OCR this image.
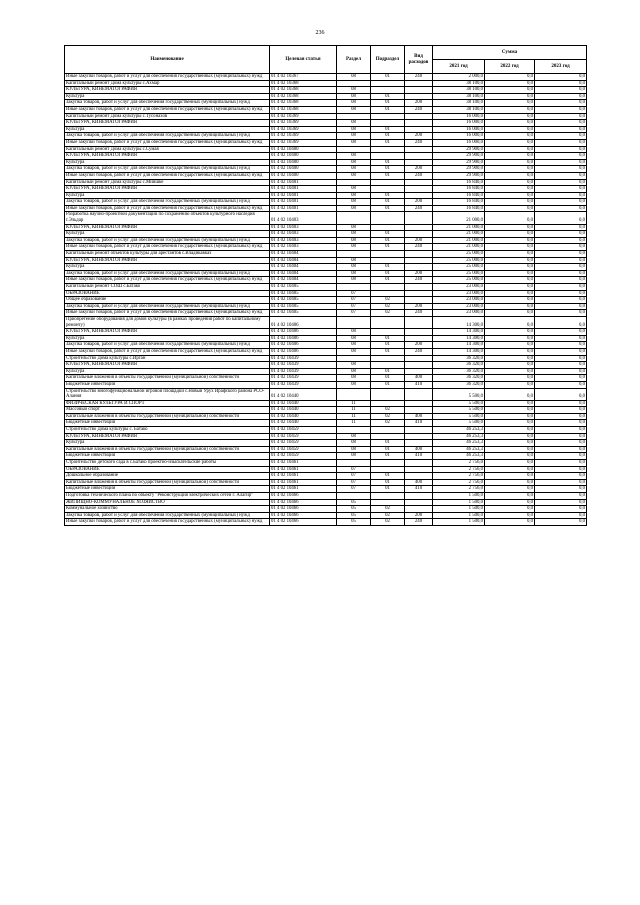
236
Наименование	Целевая статья	Раздел	Подраздел	Вид расходов	Сумма		
					2021 год	2022 год	2023 год
Иные закупки товаров, работ и услуг для обеспечения государственных (муниципальных) нужд	01 4 02 10367	08	01	240	2 000,0	0,0	0,0
Капитальный ремонт Дома культуры с.Ахмар	01 4 02 10368				38 100,0	0,0	0,0
КУЛЬТУРА, КИНЕМАТОГРАФИЯ	01 4 02 10368	08			38 100,0	0,0	0,0
Культура	01 4 02 10368	08	01		38 100,0	0,0	0,0
Закупка товаров, работ и услуг для обеспечения государственных (муниципальных) нужд	01 4 02 10368	08	01	200	38 100,0	0,0	0,0
Иные закупки товаров, работ и услуг для обеспечения государственных (муниципальных) нужд	01 4 02 10368	08	01	240	38 100,0	0,0	0,0
Капитальный ремонт Дома культуры с.Тусонахов	01 4 02 10369				16 000,0	0,0	0,0
КУЛЬТУРА, КИНЕМАТОГРАФИЯ	01 4 02 10369	08			16 000,0	0,0	0,0
Культура	01 4 02 10369	08	01		16 000,0	0,0	0,0
Закупка товаров, работ и услуг для обеспечения государственных (муниципальных) нужд	01 4 02 10369	08	01	200	16 000,0	0,0	0,0
Иные закупки товаров, работ и услуг для обеспечения государственных (муниципальных) нужд	01 4 02 10369	08	01	240	16 000,0	0,0	0,0
Капитальный ремонт Дома культуры с.Сумая	01 4 02 10400				29 900,0	0,0	0,0
КУЛЬТУРА, КИНЕМАТОГРАФИЯ	01 4 02 10400	08			29 900,0	0,0	0,0
Культура	01 4 02 10400	08	01		29 900,0	0,0	0,0
Закупка товаров, работ и услуг для обеспечения государственных (муниципальных) нужд	01 4 02 10400	08	01	200	29 900,0	0,0	0,0
Иные закупки товаров, работ и услуг для обеспечения государственных (муниципальных) нужд	01 4 02 10400	08	01	240	29 900,0	0,0	0,0
Капитальный ремонт Дома культуры с.Мийшке	01 4 02 10401				16 840,0	0,0	0,0
КУЛЬТУРА, КИНЕМАТОГРАФИЯ	01 4 02 10401	08			16 840,0	0,0	0,0
Культура	01 4 02 10401	08	01		16 840,0	0,0	0,0
Закупка товаров, работ и услуг для обеспечения государственных (муниципальных) нужд	01 4 02 10401	08	01	200	16 840,0	0,0	0,0
Иные закупки товаров, работ и услуг для обеспечения государственных (муниципальных) нужд	01 4 02 10401	08	01	240	16 840,0	0,0	0,0
Разработка научно-проектной документации по сохранению объектов культурного наследия г.Эльдар	01 4 02 10403				21 000,0	0,0	0,0
КУЛЬТУРА, КИНЕМАТОГРАФИЯ	01 4 02 10403	08			21 000,0	0,0	0,0
Культура	01 4 02 10403	08	01		21 000,0	0,0	0,0
Закупка товаров, работ и услуг для обеспечения государственных (муниципальных) нужд	01 4 02 10403	08	01	200	21 000,0	0,0	0,0
Иные закупки товаров, работ и услуг для обеспечения государственных (муниципальных) нужд	01 4 02 10403	08	01	240	21 000,0	0,0	0,0
Капитальный ремонт объектов культуры для арестантов с.Владикавказ	01 4 02 10404				25 000,0	0,0	0,0
КУЛЬТУРА, КИНЕМАТОГРАФИЯ	01 4 02 10404	08			25 000,0	0,0	0,0
Культура	01 4 02 10404	08	01		25 000,0	0,0	0,0
Закупка товаров, работ и услуг для обеспечения государственных (муниципальных) нужд	01 4 02 10404	08	01	200	25 000,0	0,0	0,0
Иные закупки товаров, работ и услуг для обеспечения государственных (муниципальных) нужд	01 4 02 10404	08	01	240	25 000,0	0,0	0,0
Капитальный ремонт СОШ с.Батако	01 4 02 10405				23 000,0	0,0	0,0
ОБРАЗОВАНИЕ	01 4 02 10405	07			23 000,0	0,0	0,0
Общее образование	01 4 02 10405	07	02		23 000,0	0,0	0,0
Закупка товаров, работ и услуг для обеспечения государственных (муниципальных) нужд	01 4 02 10405	07	02	200	23 000,0	0,0	0,0
Иные закупки товаров, работ и услуг для обеспечения государственных (муниципальных) нужд	01 4 02 10405	07	02	240	23 000,0	0,0	0,0
Приобретение оборудования для домов культуры (в рамках проведения работ по капитальному ремонту)	01 4 02 10406				14 300,0	0,0	0,0
КУЛЬТУРА, КИНЕМАТОГРАФИЯ	01 4 02 10406	08			14 300,0	0,0	0,0
Культура	01 4 02 10406	08	01		14 300,0	0,0	0,0
Закупка товаров, работ и услуг для обеспечения государственных (муниципальных) нужд	01 4 02 10406	08	01	200	14 300,0	0,0	0,0
Иные закупки товаров, работ и услуг для обеспечения государственных (муниципальных) нужд	01 4 02 10406	08	01	240	14 300,0	0,0	0,0
Строительство Дома культуры с.Ирган	01 4 02 10439				36 320,0	0,0	0,0
КУЛЬТУРА, КИНЕМАТОГРАФИЯ	01 4 02 10439	08			36 320,0	0,0	0,0
Культура	01 4 02 10439	08	01		36 320,0	0,0	0,0
Капитальные вложения в объекты государственной (муниципальной) собственности	01 4 02 10439	08	01	400	36 320,0	0,0	0,0
Бюджетные инвестиции	01 4 02 10439	08	01	410	36 320,0	0,0	0,0
Строительство многофункциональной игровой площадки с.Новый Урух Ирафского района РСО-Алания	01 4 02 10440				5 500,0	0,0	0,0
ФИЗИЧЕСКАЯ КУЛЬТУРА И СПОРТ	01 4 02 10440	11			5 500,0	0,0	0,0
Массовый спорт	01 4 02 10440	11	02		5 500,0	0,0	0,0
Капитальные вложения в объекты государственной (муниципальной) собственности	01 4 02 10440	11	02	400	5 500,0	0,0	0,0
Бюджетные инвестиции	01 4 02 10440	11	02	410	5 500,0	0,0	0,0
Строительство Дома культуры с. Батако	01 4 02 10459				46 253,3	0,0	0,0
КУЛЬТУРА, КИНЕМАТОГРАФИЯ	01 4 02 10459	08			46 253,3	0,0	0,0
Культура	01 4 02 10459	08	01		46 253,3	0,0	0,0
Капитальные вложения в объекты государственной (муниципальной) собственности	01 4 02 10459	08	01	400	46 253,3	0,0	0,0
Бюджетные инвестиции	01 4 02 10459	08	01	410	46 253,3	0,0	0,0
Строительство детского сада в с.Батако проектно-изыскательские работы	01 4 02 10461				2 756,0	0,0	0,0
ОБРАЗОВАНИЕ	01 4 02 10461	07			2 756,0	0,0	0,0
Дошкольное образование	01 4 02 10461	07	01		2 756,0	0,0	0,0
Капитальные вложения в объекты государственной (муниципальной) собственности	01 4 02 10461	07	01	400	2 756,0	0,0	0,0
Бюджетные инвестиции	01 4 02 10461	07	01	410	2 756,0	0,0	0,0
Подготовка технического плана по объекту "Реконструкция электрических сетей г. Алагир"	01 4 02 10466				1 500,0	0,0	0,0
ЖИЛИЩНО-КОММУНАЛЬНОЕ ХОЗЯЙСТВО	01 4 02 10466	05			1 500,0	0,0	0,0
Коммунальное хозяйство	01 4 02 10466	05	02		1 500,0	0,0	0,0
Закупка товаров, работ и услуг для обеспечения государственных (муниципальных) нужд	01 4 02 10466	05	02	200	1 500,0	0,0	0,0
Иные закупки товаров, работ и услуг для обеспечения государственных (муниципальных) нужд	01 4 02 10466	05	02	240	1 500,0	0,0	0,0
